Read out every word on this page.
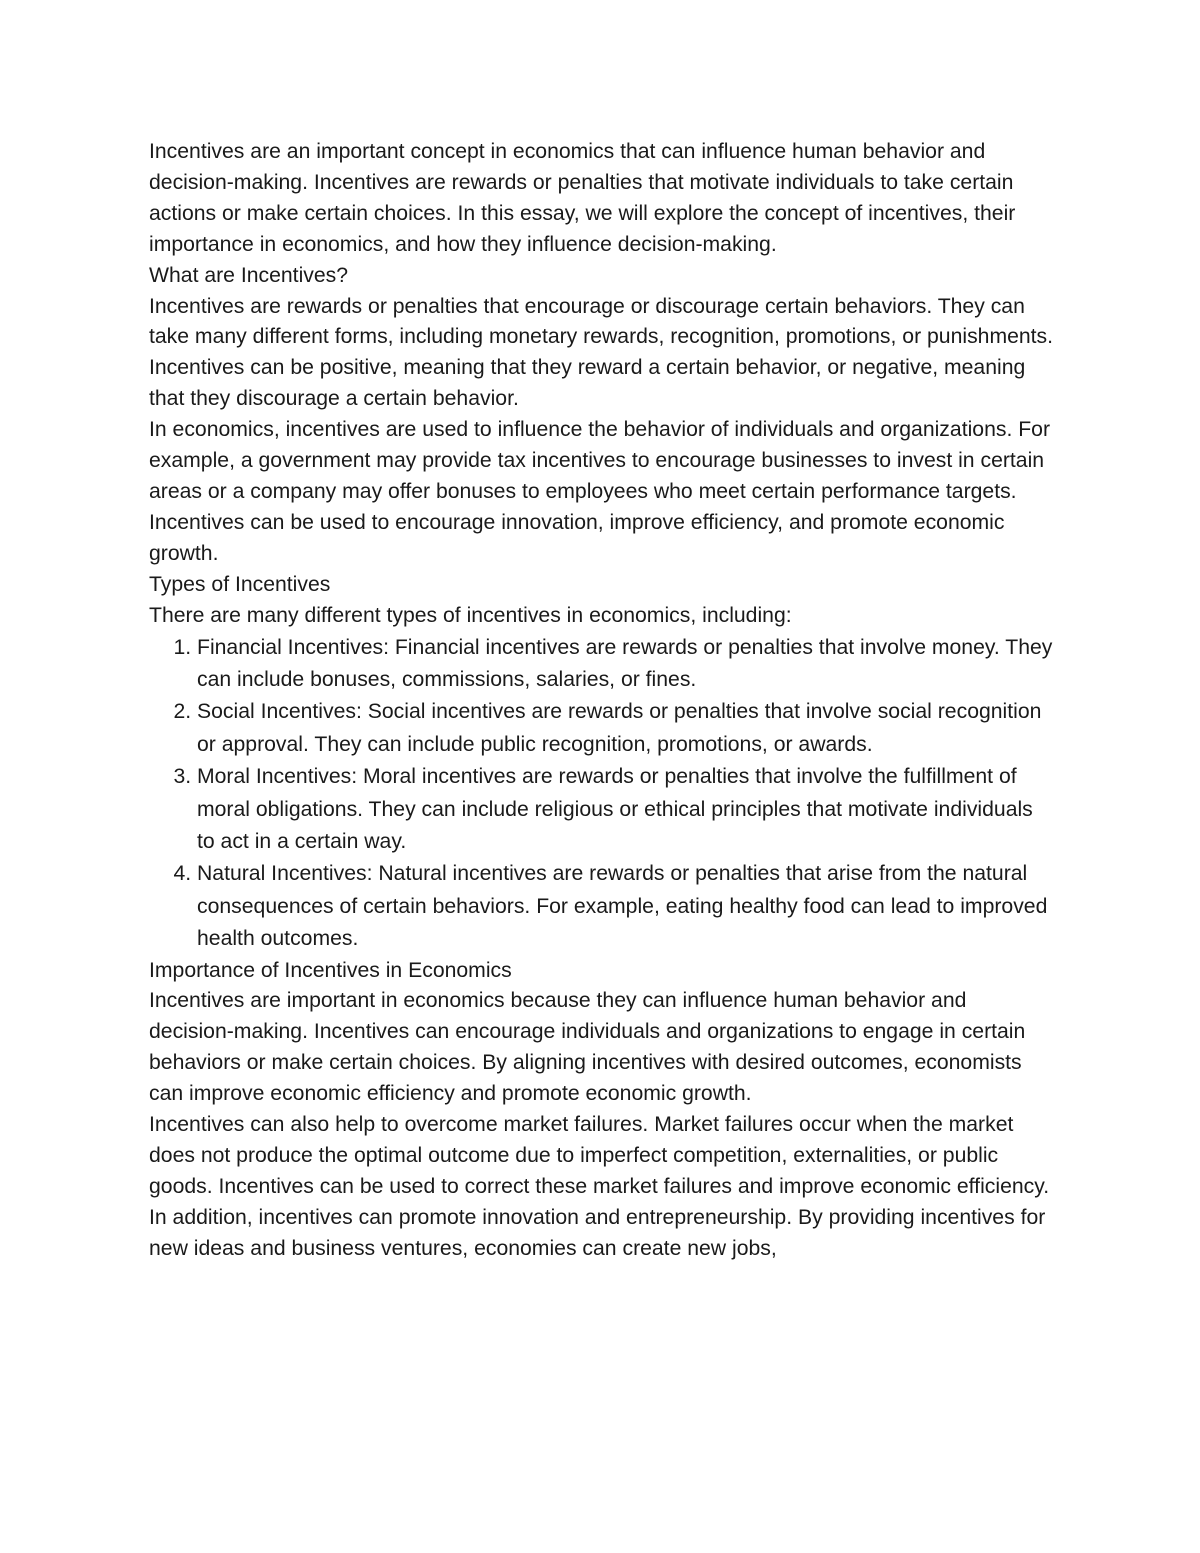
Incentives are an important concept in economics that can influence human behavior and decision-making. Incentives are rewards or penalties that motivate individuals to take certain actions or make certain choices. In this essay, we will explore the concept of incentives, their importance in economics, and how they influence decision-making.

What are Incentives?

Incentives are rewards or penalties that encourage or discourage certain behaviors. They can take many different forms, including monetary rewards, recognition, promotions, or punishments. Incentives can be positive, meaning that they reward a certain behavior, or negative, meaning that they discourage a certain behavior.

In economics, incentives are used to influence the behavior of individuals and organizations. For example, a government may provide tax incentives to encourage businesses to invest in certain areas or a company may offer bonuses to employees who meet certain performance targets. Incentives can be used to encourage innovation, improve efficiency, and promote economic growth.

Types of Incentives

There are many different types of incentives in economics, including:

1. Financial Incentives: Financial incentives are rewards or penalties that involve money. They can include bonuses, commissions, salaries, or fines.
2. Social Incentives: Social incentives are rewards or penalties that involve social recognition or approval. They can include public recognition, promotions, or awards.
3. Moral Incentives: Moral incentives are rewards or penalties that involve the fulfillment of moral obligations. They can include religious or ethical principles that motivate individuals to act in a certain way.
4. Natural Incentives: Natural incentives are rewards or penalties that arise from the natural consequences of certain behaviors. For example, eating healthy food can lead to improved health outcomes.
Importance of Incentives in Economics

Incentives are important in economics because they can influence human behavior and decision-making. Incentives can encourage individuals and organizations to engage in certain behaviors or make certain choices. By aligning incentives with desired outcomes, economists can improve economic efficiency and promote economic growth.

Incentives can also help to overcome market failures. Market failures occur when the market does not produce the optimal outcome due to imperfect competition, externalities, or public goods. Incentives can be used to correct these market failures and improve economic efficiency.

In addition, incentives can promote innovation and entrepreneurship. By providing incentives for new ideas and business ventures, economies can create new jobs,
